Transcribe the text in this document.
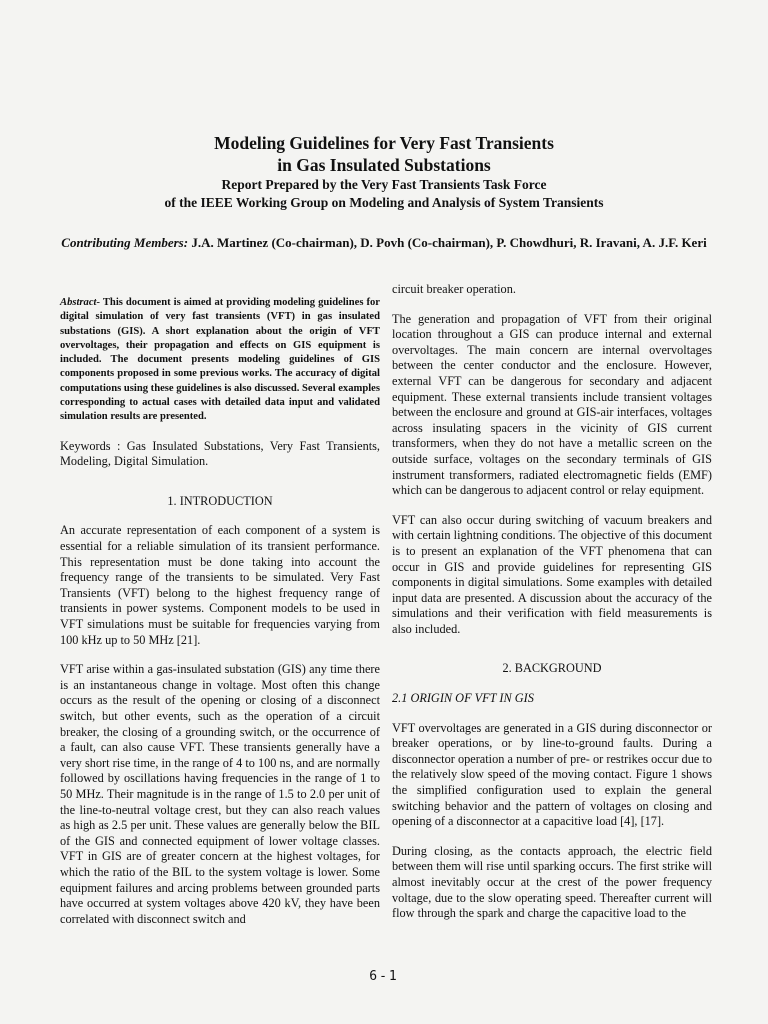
Modeling Guidelines for Very Fast Transients
in Gas Insulated Substations
Report Prepared by the Very Fast Transients Task Force
of the IEEE Working Group on Modeling and Analysis of System Transients
Contributing Members: J.A. Martinez (Co-chairman), D. Povh (Co-chairman), P. Chowdhuri, R. Iravani, A. J.F. Keri

Abstract- This document is aimed at providing modeling guidelines for digital simulation of very fast transients (VFT) in gas insulated substations (GIS). A short explanation about the origin of VFT overvoltages, their propagation and effects on GIS equipment is included. The document presents modeling guidelines of GIS components proposed in some previous works. The accuracy of digital computations using these guidelines is also discussed. Several examples corresponding to actual cases with detailed data input and validated simulation results are presented.

Keywords : Gas Insulated Substations, Very Fast Transients, Modeling, Digital Simulation.

1. INTRODUCTION

An accurate representation of each component of a system is essential for a reliable simulation of its transient performance. This representation must be done taking into account the frequency range of the transients to be simulated. Very Fast Transients (VFT) belong to the highest frequency range of transients in power systems. Component models to be used in VFT simulations must be suitable for frequencies varying from 100 kHz up to 50 MHz [21].

VFT arise within a gas-insulated substation (GIS) any time there is an instantaneous change in voltage. Most often this change occurs as the result of the opening or closing of a disconnect switch, but other events, such as the operation of a circuit breaker, the closing of a grounding switch, or the occurrence of a fault, can also cause VFT. These transients generally have a very short rise time, in the range of 4 to 100 ns, and are normally followed by oscillations having frequencies in the range of 1 to 50 MHz. Their magnitude is in the range of 1.5 to 2.0 per unit of the line-to-neutral voltage crest, but they can also reach values as high as 2.5 per unit. These values are generally below the BIL of the GIS and connected equipment of lower voltage classes. VFT in GIS are of greater concern at the highest voltages, for which the ratio of the BIL to the system voltage is lower. Some equipment failures and arcing problems between grounded parts have occurred at system voltages above 420 kV, they have been correlated with disconnect switch and

circuit breaker operation.

The generation and propagation of VFT from their original location throughout a GIS can produce internal and external overvoltages. The main concern are internal overvoltages between the center conductor and the enclosure. However, external VFT can be dangerous for secondary and adjacent equipment. These external transients include transient voltages between the enclosure and ground at GIS-air interfaces, voltages across insulating spacers in the vicinity of GIS current transformers, when they do not have a metallic screen on the outside surface, voltages on the secondary terminals of GIS instrument transformers, radiated electromagnetic fields (EMF) which can be dangerous to adjacent control or relay equipment.

VFT can also occur during switching of vacuum breakers and with certain lightning conditions. The objective of this document is to present an explanation of the VFT phenomena that can occur in GIS and provide guidelines for representing GIS components in digital simulations. Some examples with detailed input data are presented. A discussion about the accuracy of the simulations and their verification with field measurements is also included.

2. BACKGROUND
2.1 ORIGIN OF VFT IN GIS

VFT overvoltages are generated in a GIS during disconnector or breaker operations, or by line-to-ground faults. During a disconnector operation a number of pre- or restrikes occur due to the relatively slow speed of the moving contact. Figure 1 shows the simplified configuration used to explain the general switching behavior and the pattern of voltages on closing and opening of a disconnector at a capacitive load [4], [17].

During closing, as the contacts approach, the electric field between them will rise until sparking occurs. The first strike will almost inevitably occur at the crest of the power frequency voltage, due to the slow operating speed. Thereafter current will flow through the spark and charge the capacitive load to the

6-1
